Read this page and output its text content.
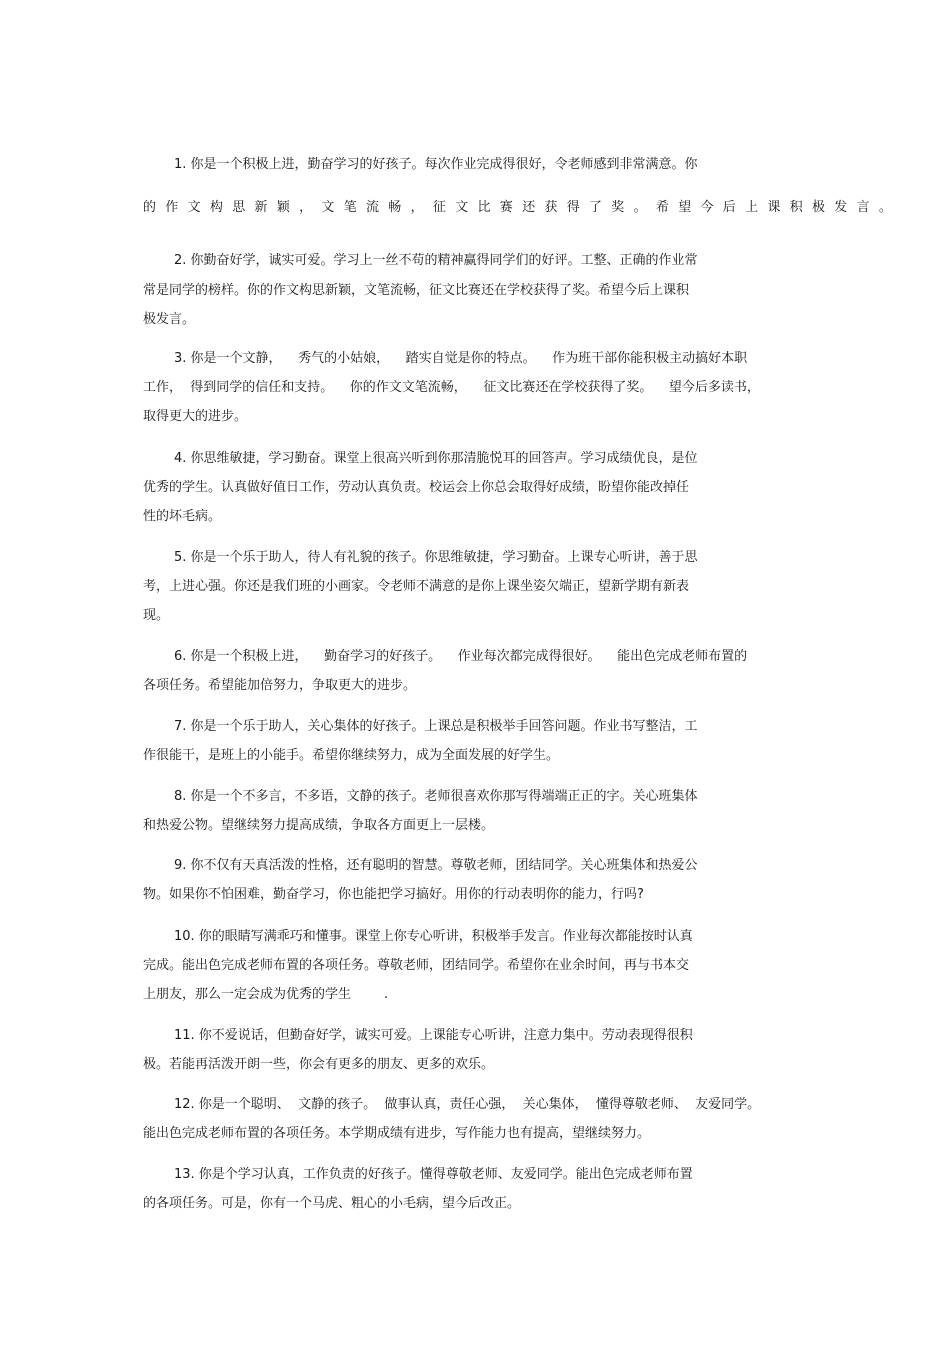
1. 你是一个积极上进，勤奋学习的好孩子。每次作业完成得很好，令老师感到非常满意。你

的作文构思新颖，文笔流畅，征文比赛还获得了奖。希望今后上课积极发言。

2. 你勤奋好学，诚实可爱。学习上一丝不苟的精神赢得同学们的好评。工整、正确的作业常

常是同学的榜样。你的作文构思新颖，文笔流畅，征文比赛还在学校获得了奖。希望今后上课积

极发言。

3. 你是一个文静，    秀气的小姑娘，    踏实自觉是你的特点。    作为班干部你能积极主动搞好本职

工作，  得到同学的信任和支持。    你的作文文笔流畅，    征文比赛还在学校获得了奖。    望今后多读书，

取得更大的进步。

4. 你思维敏捷，学习勤奋。课堂上很高兴听到你那清脆悦耳的回答声。学习成绩优良，是位

优秀的学生。认真做好值日工作，劳动认真负责。校运会上你总会取得好成绩，盼望你能改掉任

性的坏毛病。

5. 你是一个乐于助人，待人有礼貌的孩子。你思维敏捷，学习勤奋。上课专心听讲，善于思

考，上进心强。你还是我们班的小画家。令老师不满意的是你上课坐姿欠端正，望新学期有新表

现。

6. 你是一个积极上进，    勤奋学习的好孩子。    作业每次都完成得很好。    能出色完成老师布置的

各项任务。希望能加倍努力，争取更大的进步。

7. 你是一个乐于助人，关心集体的好孩子。上课总是积极举手回答问题。作业书写整洁，工

作很能干，是班上的小能手。希望你继续努力，成为全面发展的好学生。

8. 你是一个不多言，不多语，文静的孩子。老师很喜欢你那写得端端正正的字。关心班集体

和热爱公物。望继续努力提高成绩，争取各方面更上一层楼。

9. 你不仅有天真活泼的性格，还有聪明的智慧。尊敬老师，团结同学。关心班集体和热爱公

物。如果你不怕困难，勤奋学习，你也能把学习搞好。用你的行动表明你的能力，行吗?

10. 你的眼睛写满乖巧和懂事。课堂上你专心听讲，积极举手发言。作业每次都能按时认真

完成。能出色完成老师布置的各项任务。尊敬老师，团结同学。希望你在业余时间，再与书本交

上朋友，那么一定会成为优秀的学生        .

11. 你不爱说话，但勤奋好学，诚实可爱。上课能专心听讲，注意力集中。劳动表现得很积

极。若能再活泼开朗一些，你会有更多的朋友、更多的欢乐。

12. 你是一个聪明、  文静的孩子。  做事认真，责任心强，  关心集体，  懂得尊敬老师、  友爱同学。

能出色完成老师布置的各项任务。本学期成绩有进步，写作能力也有提高，望继续努力。

13. 你是个学习认真，工作负责的好孩子。懂得尊敬老师、友爱同学。能出色完成老师布置

的各项任务。可是，你有一个马虎、粗心的小毛病，望今后改正。
